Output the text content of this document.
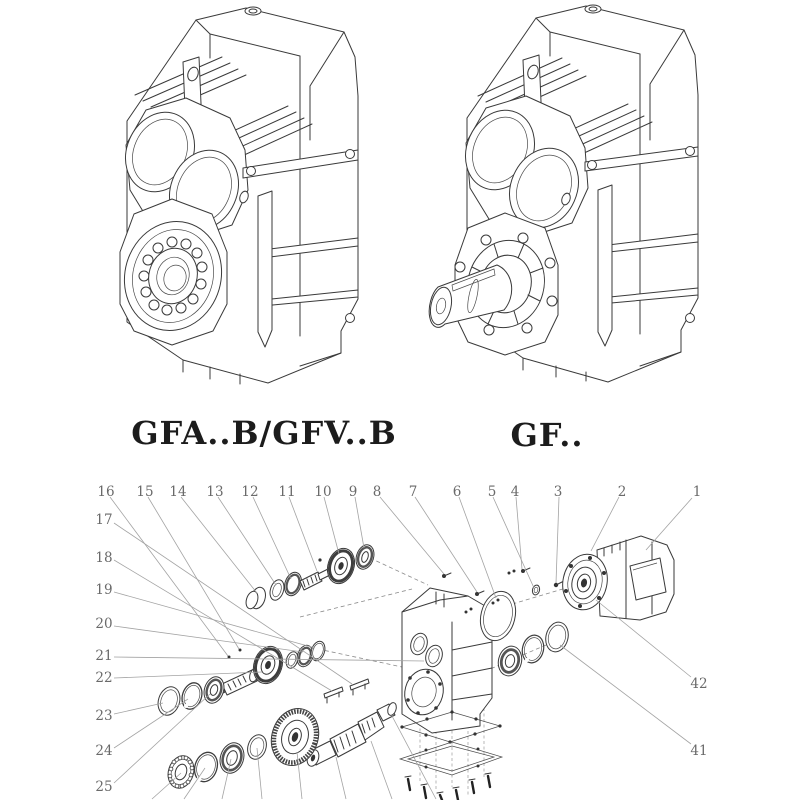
16 15 14 13 12 11 10 9 8 7	6 5 4	3	2	1
17
18
19
20
21
22
23
24
25
42
41
GFA..B/GFV..B	GF..
